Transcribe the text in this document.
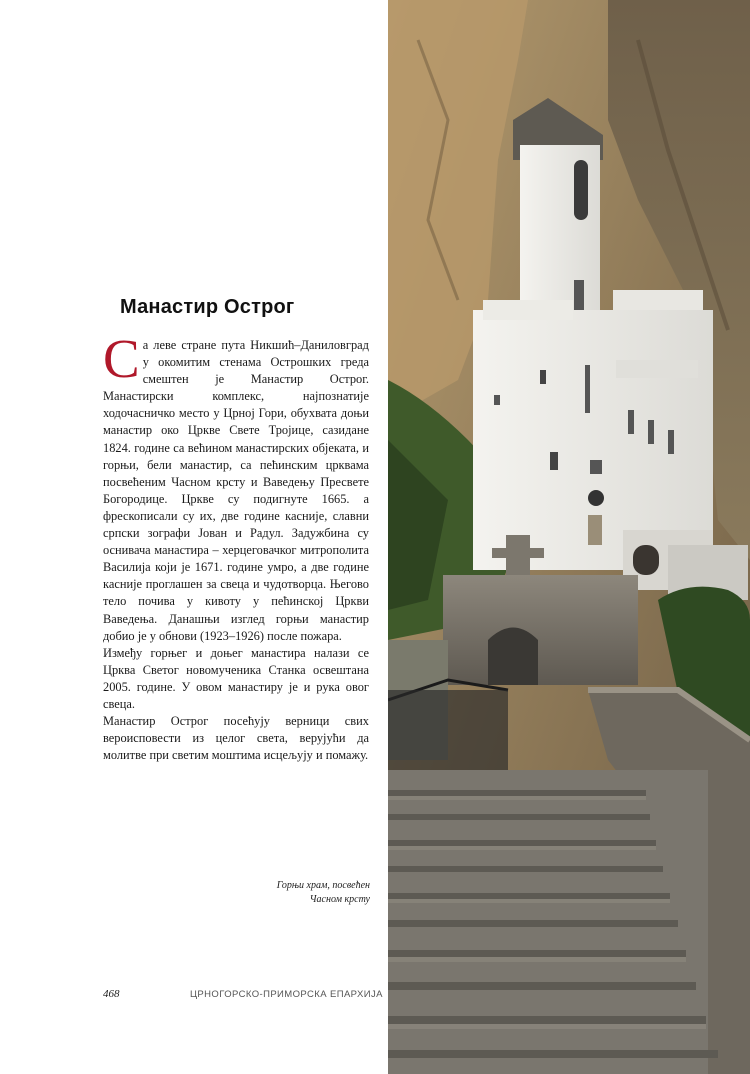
Манастир Острог

Са леве стране пута Никшић–Даниловград у окомитим стенама Острошких греда смештен је Манастир Острог. Манастирски комплекс, најпознатије ходочасничко место у Црној Гори, обухвата доњи манастир око Цркве Свете Тројице, сазидане 1824. године са већином манастирских објеката, и горњи, бели манастир, са пећинским црквама посвећеним Часном крсту и Ваведењу Пресвете Богородице. Цркве су подигнуте 1665. а фрескописали су их, две године касније, славни српски зографи Јован и Радул. Задужбина су оснивача манастира – херцеговачког митрополита Василија који је 1671. године умро, а две године касније проглашен за свеца и чудотворца. Његово тело почива у кивоту у пећинској Цркви Ваведења. Данашњи изглед горњи манастир добио је у обнови (1923–1926) после пожара.

Између горњег и доњег манастира налази се Црква Светог новомученика Станка освештана 2005. године. У овом манастиру је и рука овог свеца.

Манастир Острог посећују верници свих вероисповести из целог света, верујући да молитве при светим моштима исцељују и помажу.

Горњи храм, посвећен
Часном крсту
468	ЦРНОГОРСКО-ПРИМОРСКА ЕПАРХИЈА
